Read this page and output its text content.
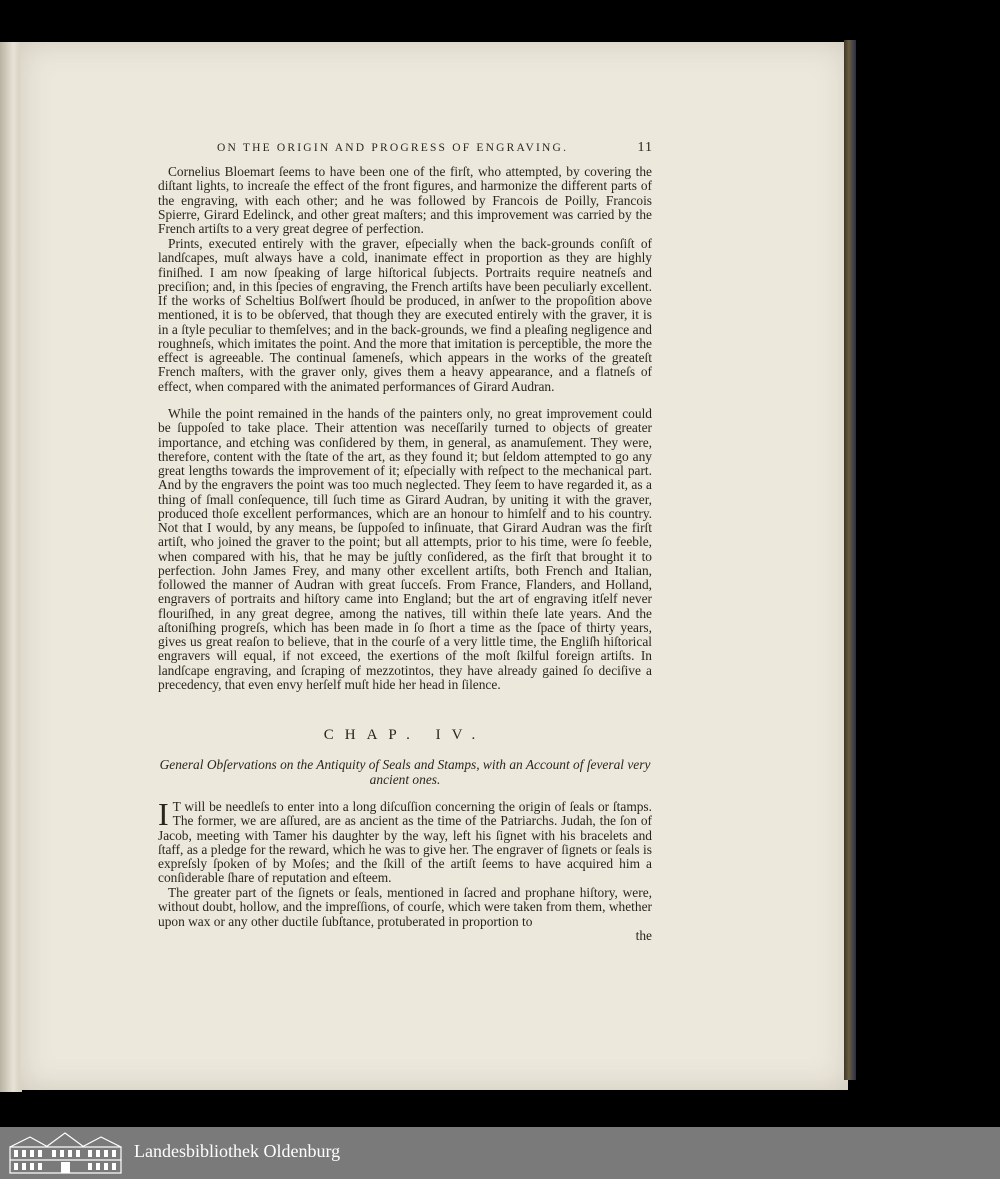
ON THE ORIGIN AND PROGRESS OF ENGRAVING.	11

Cornelius Bloemart ſeems to have been one of the firſt, who attempted, by covering the diſtant lights, to increaſe the effect of the front figures, and harmonize the different parts of the engraving, with each other; and he was followed by Francois de Poilly, Francois Spierre, Girard Edelinck, and other great maſters; and this improvement was carried by the French artiſts to a very great degree of perfection.

Prints, executed entirely with the graver, eſpecially when the back-grounds conſiſt of landſcapes, muſt always have a cold, inanimate effect in proportion as they are highly finiſhed. I am now ſpeaking of large hiſtorical ſubjects. Portraits require neatneſs and preciſion; and, in this ſpecies of engraving, the French artiſts have been peculiarly excellent. If the works of Scheltius Bolſwert ſhould be produced, in anſwer to the propoſition above mentioned, it is to be obſerved, that though they are executed entirely with the graver, it is in a ſtyle peculiar to themſelves; and in the back-grounds, we find a pleaſing negligence and roughneſs, which imitates the point. And the more that imitation is perceptible, the more the effect is agreeable. The continual ſameneſs, which appears in the works of the greateſt French maſters, with the graver only, gives them a heavy appearance, and a flatneſs of effect, when compared with the animated performances of Girard Audran.

While the point remained in the hands of the painters only, no great improvement could be ſuppoſed to take place. Their attention was neceſſarily turned to objects of greater importance, and etching was conſidered by them, in general, as anamuſement. They were, therefore, content with the ſtate of the art, as they found it; but ſeldom attempted to go any great lengths towards the improvement of it; eſpecially with reſpect to the mechanical part. And by the engravers the point was too much neglected. They ſeem to have regarded it, as a thing of ſmall conſequence, till ſuch time as Girard Audran, by uniting it with the graver, produced thoſe excellent performances, which are an honour to himſelf and to his country. Not that I would, by any means, be ſuppoſed to inſinuate, that Girard Audran was the firſt artiſt, who joined the graver to the point; but all attempts, prior to his time, were ſo feeble, when compared with his, that he may be juſtly conſidered, as the firſt that brought it to perfection. John James Frey, and many other excellent artiſts, both French and Italian, followed the manner of Audran with great ſucceſs. From France, Flanders, and Holland, engravers of portraits and hiſtory came into England; but the art of engraving itſelf never flouriſhed, in any great degree, among the natives, till within theſe late years. And the aſtoniſhing progreſs, which has been made in ſo ſhort a time as the ſpace of thirty years, gives us great reaſon to believe, that in the courſe of a very little time, the Engliſh hiſtorical engravers will equal, if not exceed, the exertions of the moſt ſkilful foreign artiſts. In landſcape engraving, and ſcraping of mezzotintos, they have already gained ſo deciſive a precedency, that even envy herſelf muſt hide her head in ſilence.

CHAP. IV.
General Obſervations on the Antiquity of Seals and Stamps, with an Account of ſeveral very ancient ones.

I T will be needleſs to enter into a long diſcuſſion concerning the origin of ſeals or ſtamps. The former, we are aſſured, are as ancient as the time of the Patriarchs. Judah, the ſon of Jacob, meeting with Tamer his daughter by the way, left his ſignet with his bracelets and ſtaff, as a pledge for the reward, which he was to give her. The engraver of ſignets or ſeals is expreſsly ſpoken of by Moſes; and the ſkill of the artiſt ſeems to have acquired him a conſiderable ſhare of reputation and eſteem.

The greater part of the ſignets or ſeals, mentioned in ſacred and prophane hiſtory, were, without doubt, hollow, and the impreſſions, of courſe, which were taken from them, whether upon wax or any other ductile ſubſtance, protuberated in proportion to

the
Landesbibliothek Oldenburg
